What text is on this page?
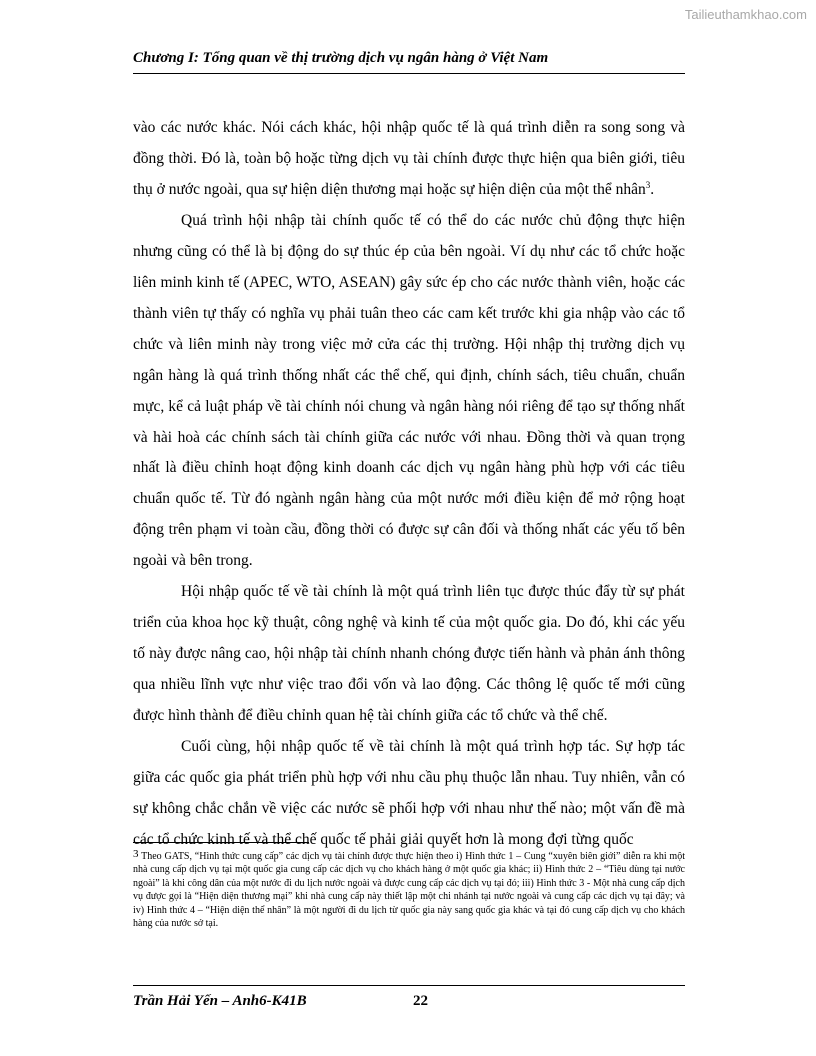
Tailieuthamkhao.com
Chương I: Tổng quan về thị trường dịch vụ ngân hàng ở Việt Nam

vào các nước khác. Nói cách khác, hội nhập quốc tế là quá trình diễn ra song song và đồng thời. Đó là, toàn bộ hoặc từng dịch vụ tài chính được thực hiện qua biên giới, tiêu thụ ở nước ngoài, qua sự hiện diện thương mại hoặc sự hiện diện của một thể nhân$^3$.

Quá trình hội nhập tài chính quốc tế có thể do các nước chủ động thực hiện nhưng cũng có thể là bị động do sự thúc ép của bên ngoài. Ví dụ như các tổ chức hoặc liên minh kinh tế (APEC, WTO, ASEAN) gây sức ép cho các nước thành viên, hoặc các thành viên tự thấy có nghĩa vụ phải tuân theo các cam kết trước khi gia nhập vào các tổ chức và liên minh này trong việc mở cửa các thị trường. Hội nhập thị trường dịch vụ ngân hàng là quá trình thống nhất các thể chế, qui định, chính sách, tiêu chuẩn, chuẩn mực, kể cả luật pháp về tài chính nói chung và ngân hàng nói riêng để tạo sự thống nhất và hài hoà các chính sách tài chính giữa các nước với nhau. Đồng thời và quan trọng nhất là điều chỉnh hoạt động kinh doanh các dịch vụ ngân hàng phù hợp với các tiêu chuẩn quốc tế. Từ đó ngành ngân hàng của một nước mới điều kiện để mở rộng hoạt động trên phạm vi toàn cầu, đồng thời có được sự cân đối và thống nhất các yếu tố bên ngoài và bên trong.

Hội nhập quốc tế về tài chính là một quá trình liên tục được thúc đẩy từ sự phát triển của khoa học kỹ thuật, công nghệ và kinh tế của một quốc gia. Do đó, khi các yếu tố này được nâng cao, hội nhập tài chính nhanh chóng được tiến hành và phản ánh thông qua nhiều lĩnh vực như việc trao đổi vốn và lao động. Các thông lệ quốc tế mới cũng được hình thành để điều chỉnh quan hệ tài chính giữa các tổ chức và thể chế.

Cuối cùng, hội nhập quốc tế về tài chính là một quá trình hợp tác. Sự hợp tác giữa các quốc gia phát triển phù hợp với nhu cầu phụ thuộc lẫn nhau. Tuy nhiên, vẫn có sự không chắc chắn về việc các nước sẽ phối hợp với nhau như thế nào; một vấn đề mà các tổ chức kinh tế và thể chế quốc tế phải giải quyết hơn là mong đợi từng quốc

3 Theo GATS, “Hình thức cung cấp” các dịch vụ tài chính được thực hiện theo i) Hình thức 1 – Cung “xuyên biên giới” diễn ra khi một nhà cung cấp dịch vụ tại một quốc gia cung cấp các dịch vụ cho khách hàng ở một quốc gia khác; ii) Hình thức 2 – “Tiêu dùng tại nước ngoài” là khi công dân của một nước đi du lịch nước ngoài và được cung cấp các dịch vụ tại đó; iii) Hình thức 3 - Một nhà cung cấp dịch vụ được gọi là “Hiện diện thương mại” khi nhà cung cấp này thiết lập một chi nhánh tại nước ngoài và cung cấp các dịch vụ tại đây; và iv) Hình thức 4 – “Hiện diện thể nhân” là một người đi du lịch từ quốc gia này sang quốc gia khác và tại đó cung cấp dịch vụ cho khách hàng của nước sở tại.
Trần Hải Yến – Anh6-K41B	22
